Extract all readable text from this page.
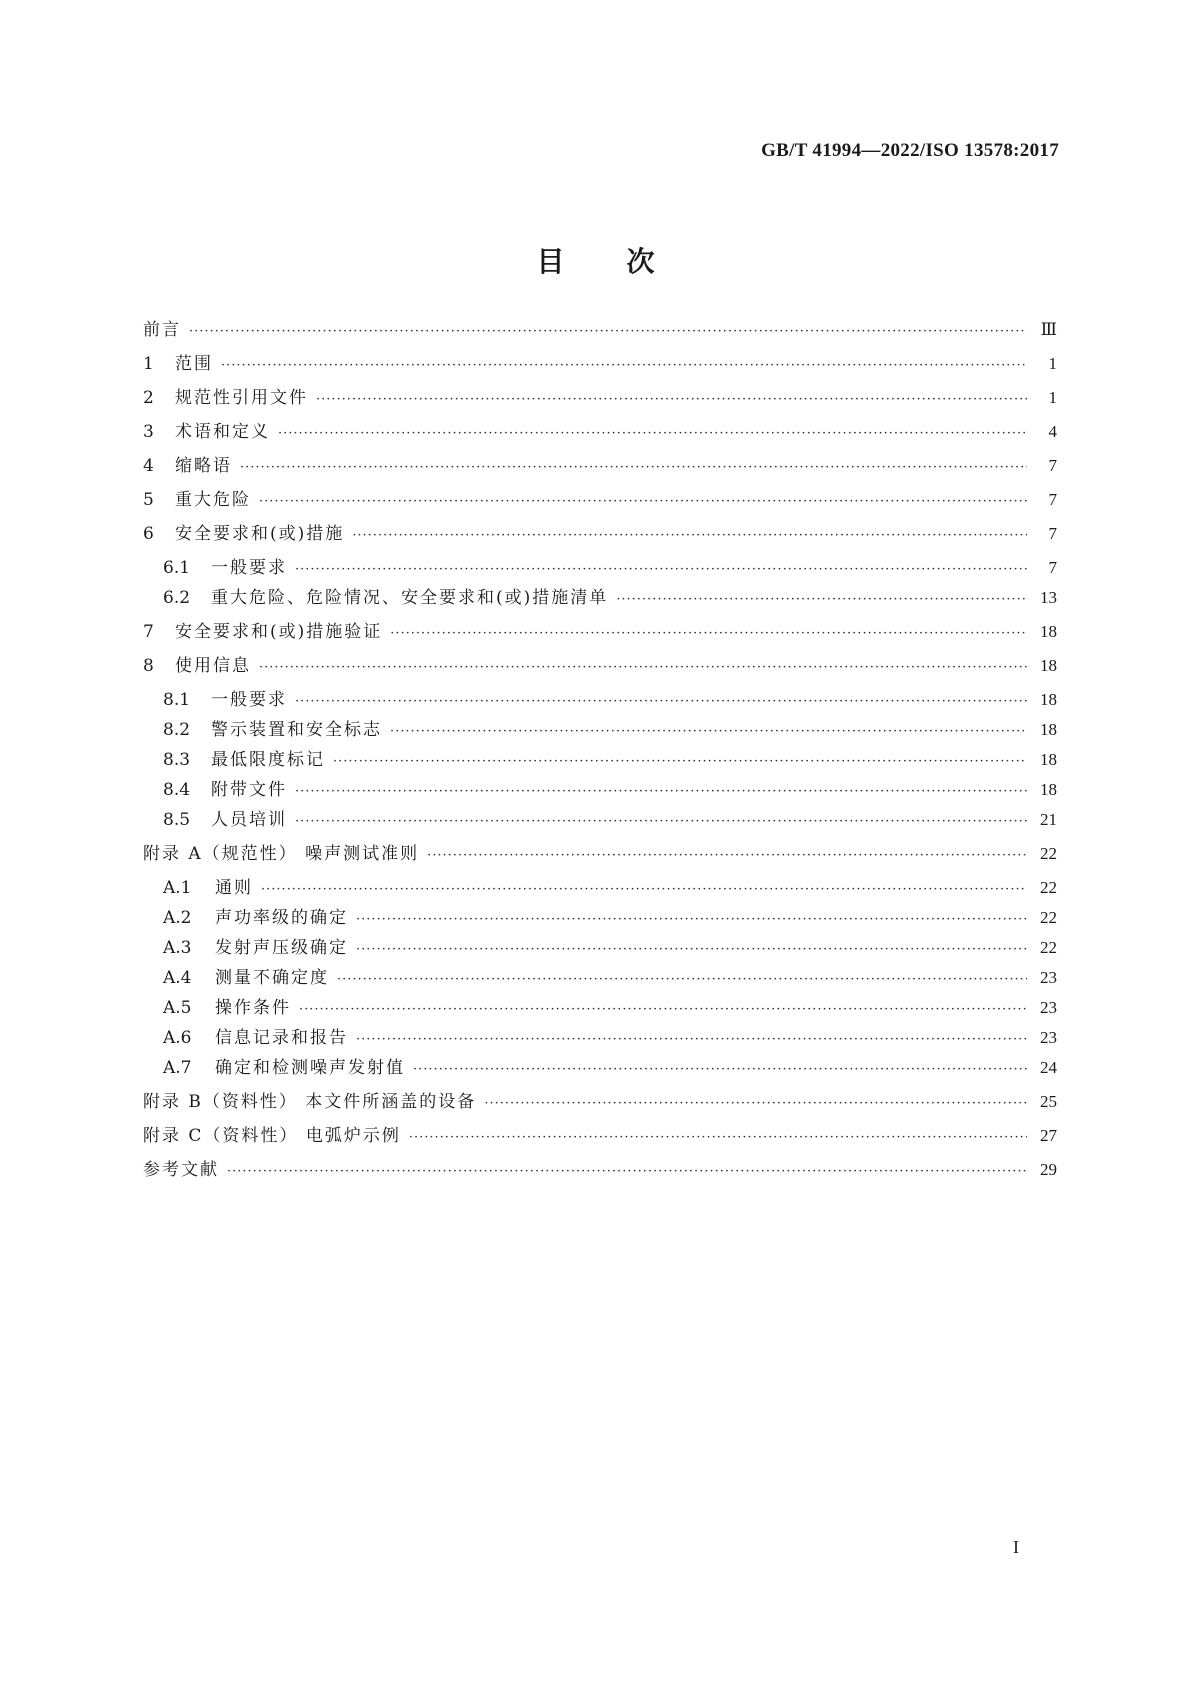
GB/T 41994—2022/ISO 13578:2017
目 次
前言 ·····	Ⅲ
1	范围 ·····	1
2	规范性引用文件 ·····	1
3	术语和定义 ·····	4
4	缩略语 ·····	7
5	重大危险 ·····	7
6	安全要求和(或)措施 ·····	7
6.1	一般要求 ·····	7
6.2	重大危险、危险情况、安全要求和(或)措施清单 ·····	13
7	安全要求和(或)措施验证 ·····	18
8	使用信息 ·····	18
8.1	一般要求 ·····	18
8.2	警示装置和安全标志 ·····	18
8.3	最低限度标记 ·····	18
8.4	附带文件 ·····	18
8.5	人员培训 ·····	21
附录 A（规范性） 噪声测试准则 ·····	22
A.1	通则 ·····	22
A.2	声功率级的确定 ·····	22
A.3	发射声压级确定 ·····	22
A.4	测量不确定度 ·····	23
A.5	操作条件 ·····	23
A.6	信息记录和报告 ·····	23
A.7	确定和检测噪声发射值 ·····	24
附录 B（资料性） 本文件所涵盖的设备 ·····	25
附录 C（资料性） 电弧炉示例 ·····	27
参考文献 ·····	29
I
